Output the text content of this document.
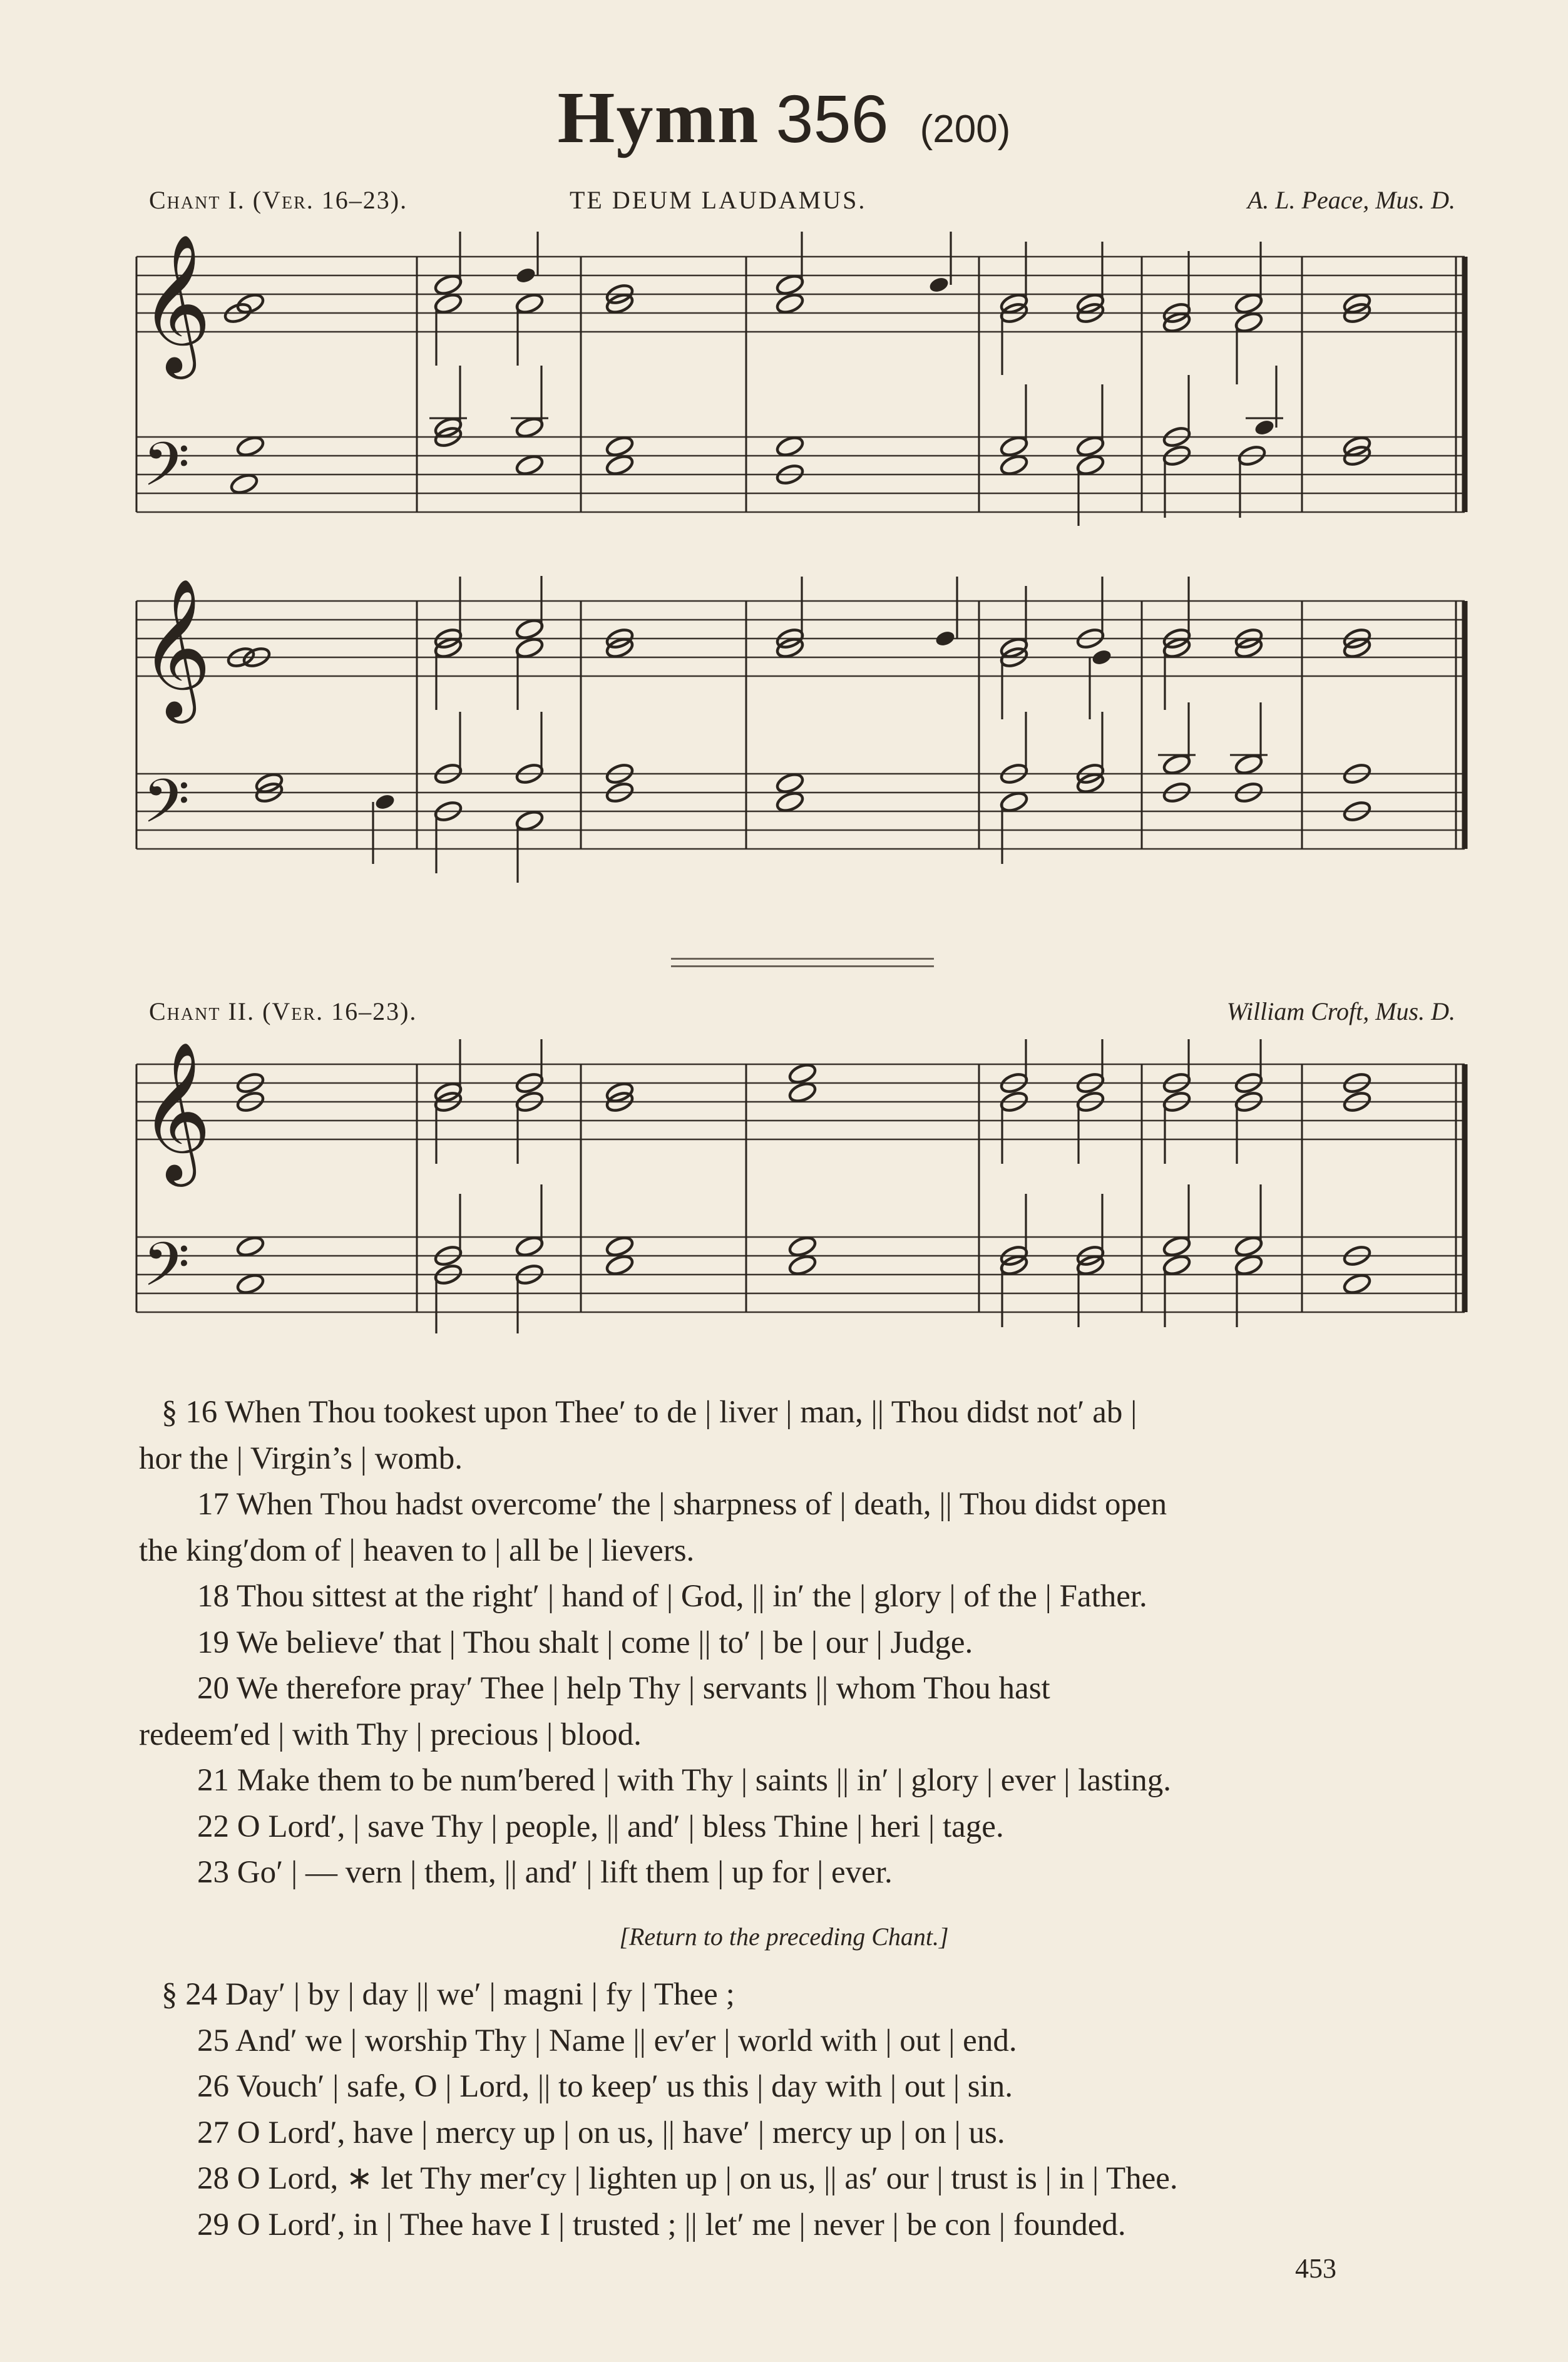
Hymn 356 (200)
Chant I. (Ver. 16–23).	TE DEUM LAUDAMUS.	A. L. Peace, Mus. D.
𝄞
𝄢
𝄞
𝄢
Chant II. (Ver. 16–23).	William Croft, Mus. D.
𝄞
𝄢
§ 16 When Thou tookest upon Thee′ to de | liver | man, || Thou didst not′ ab |
hor the | Virgin’s | womb.
17 When Thou hadst overcome′ the | sharpness of | death, || Thou didst open
the king′dom of | heaven to | all be | lievers.
18 Thou sittest at the right′ | hand of | God, || in′ the | glory | of the | Father.
19 We believe′ that | Thou shalt | come || to′ | be | our | Judge.
20 We therefore pray′ Thee | help Thy | servants || whom Thou hast
redeem′ed | with Thy | precious | blood.
21 Make them to be num′bered | with Thy | saints || in′ | glory | ever | lasting.
22 O Lord′, | save Thy | people, || and′ | bless Thine | heri | tage.
23 Go′ | — vern | them, || and′ | lift them | up for | ever.
[Return to the preceding Chant.]
§ 24 Day′ | by | day || we′ | magni | fy | Thee ;
25 And′ we | worship Thy | Name || ev′er | world with | out | end.
26 Vouch′ | safe, O | Lord, || to keep′ us this | day with | out | sin.
27 O Lord′, have | mercy up | on us, || have′ | mercy up | on | us.
28 O Lord, ∗ let Thy mer′cy | lighten up | on us, || as′ our | trust is | in | Thee.
29 O Lord′, in | Thee have I | trusted ; || let′ me | never | be con | founded.
453
